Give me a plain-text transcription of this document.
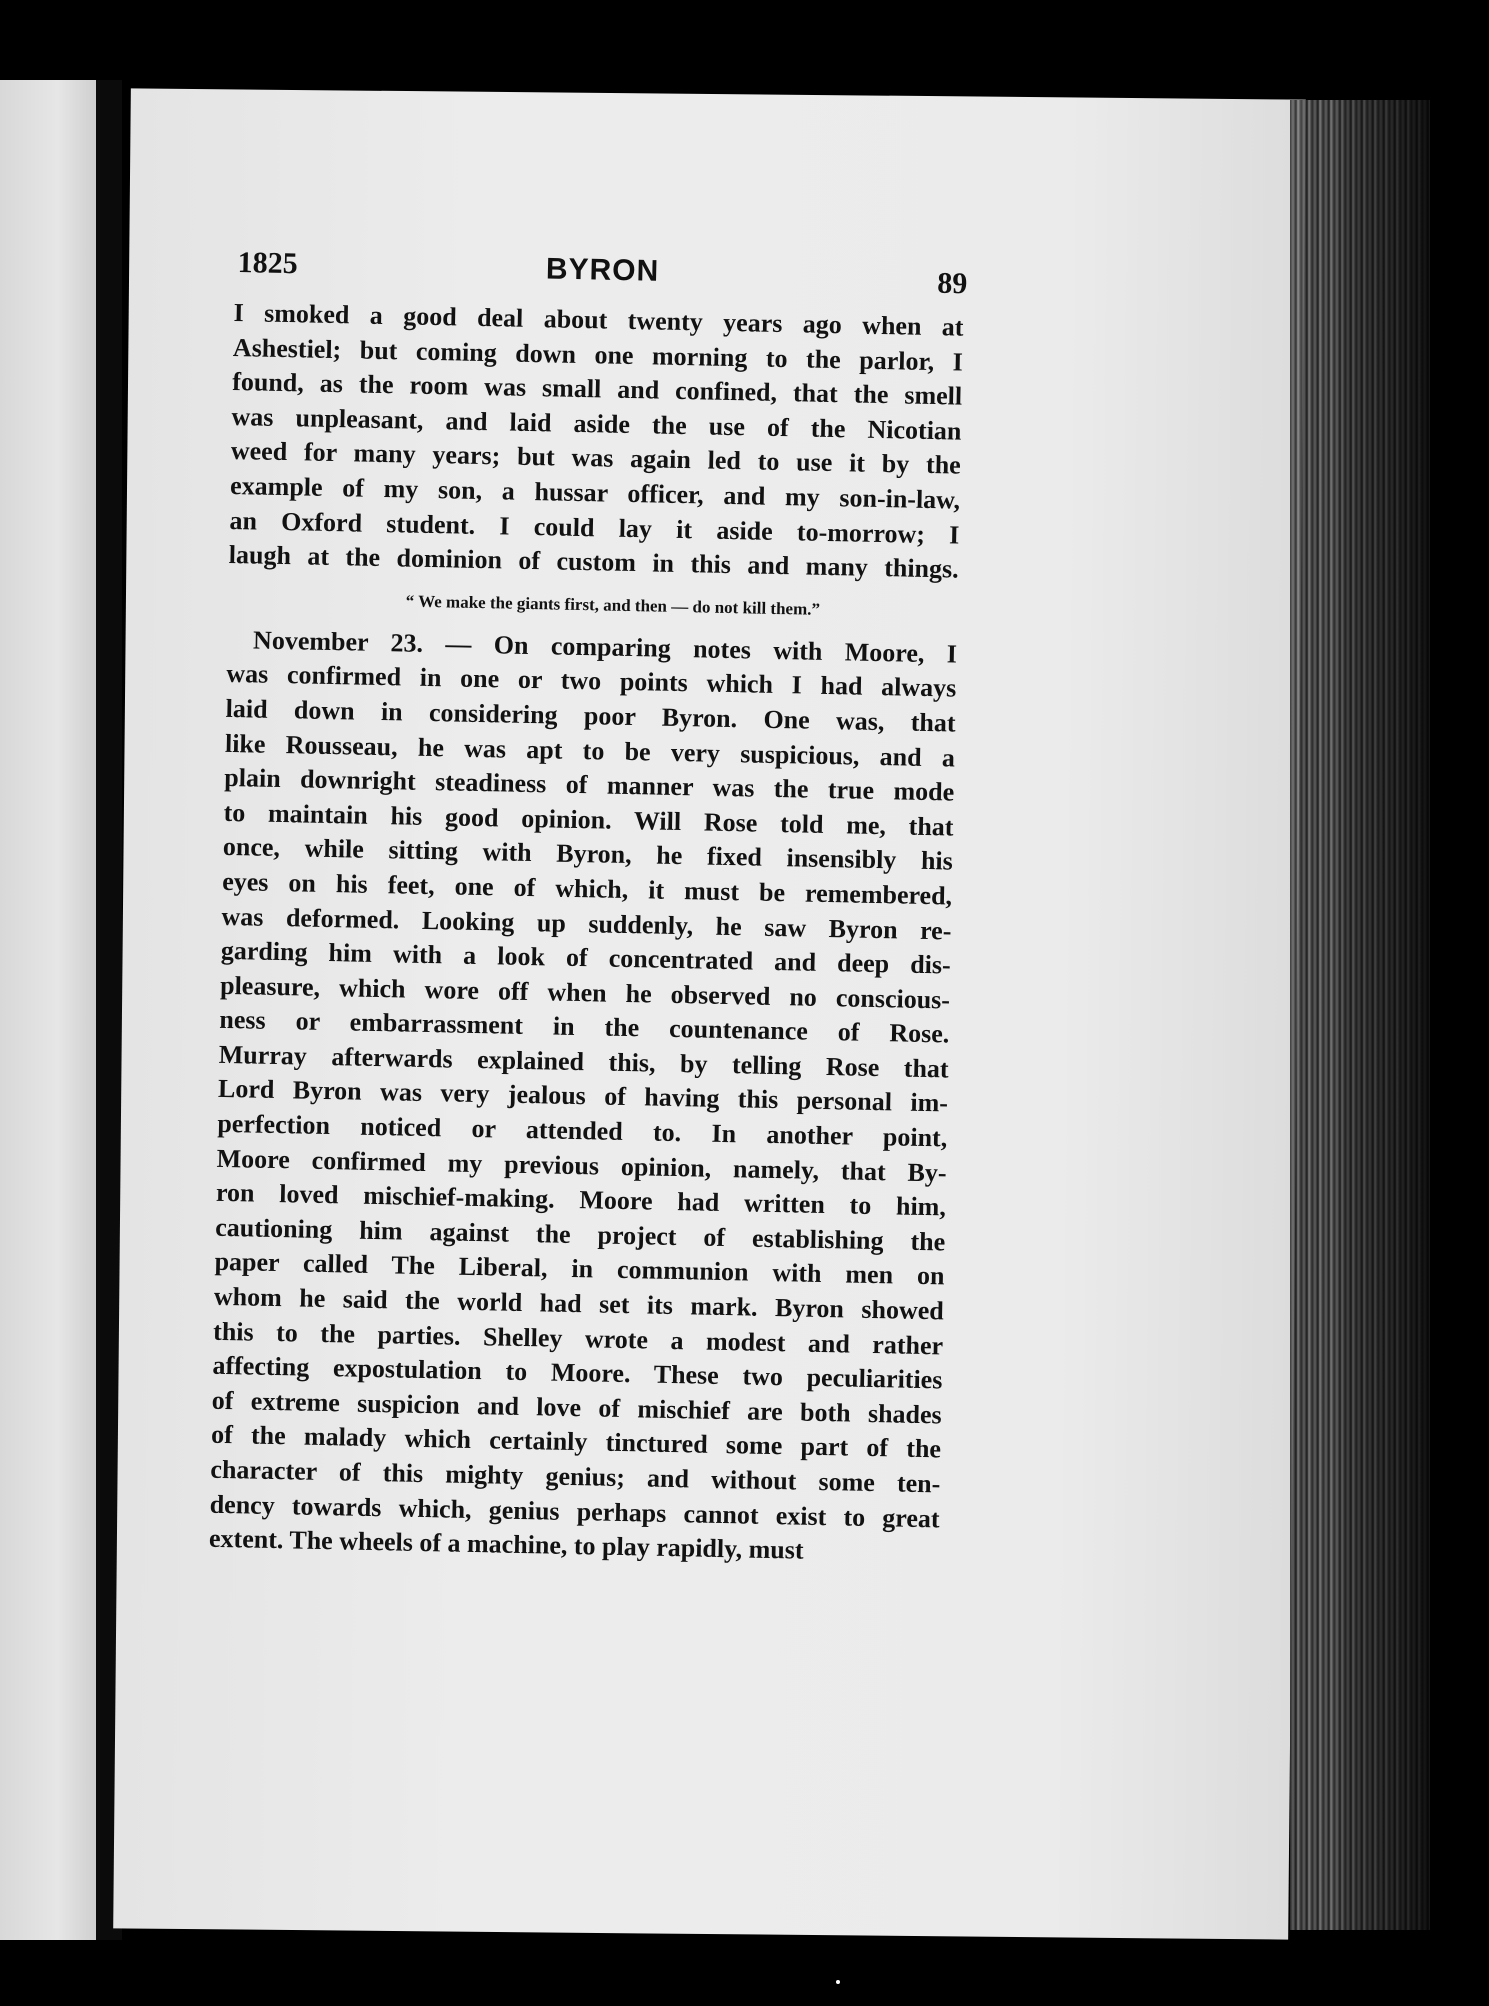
1825	BYRON	89
I smoked a good deal about twenty years ago when at
Ashestiel; but coming down one morning to the parlor, I
found, as the room was small and confined, that the smell
was unpleasant, and laid aside the use of the Nicotian
weed for many years; but was again led to use it by the
example of my son, a hussar officer, and my son-in-law,
an Oxford student. I could lay it aside to-morrow; I
laugh at the dominion of custom in this and many things.
“ We make the giants first, and then — do not kill them.”
November 23. — On comparing notes with Moore, I
was confirmed in one or two points which I had always
laid down in considering poor Byron. One was, that
like Rousseau, he was apt to be very suspicious, and a
plain downright steadiness of manner was the true mode
to maintain his good opinion. Will Rose told me, that
once, while sitting with Byron, he fixed insensibly his
eyes on his feet, one of which, it must be remembered,
was deformed. Looking up suddenly, he saw Byron re-
garding him with a look of concentrated and deep dis-
pleasure, which wore off when he observed no conscious-
ness or embarrassment in the countenance of Rose.
Murray afterwards explained this, by telling Rose that
Lord Byron was very jealous of having this personal im-
perfection noticed or attended to. In another point,
Moore confirmed my previous opinion, namely, that By-
ron loved mischief-making. Moore had written to him,
cautioning him against the project of establishing the
paper called The Liberal, in communion with men on
whom he said the world had set its mark. Byron showed
this to the parties. Shelley wrote a modest and rather
affecting expostulation to Moore. These two peculiarities
of extreme suspicion and love of mischief are both shades
of the malady which certainly tinctured some part of the
character of this mighty genius; and without some ten-
dency towards which, genius perhaps cannot exist to great
extent. The wheels of a machine, to play rapidly, must
